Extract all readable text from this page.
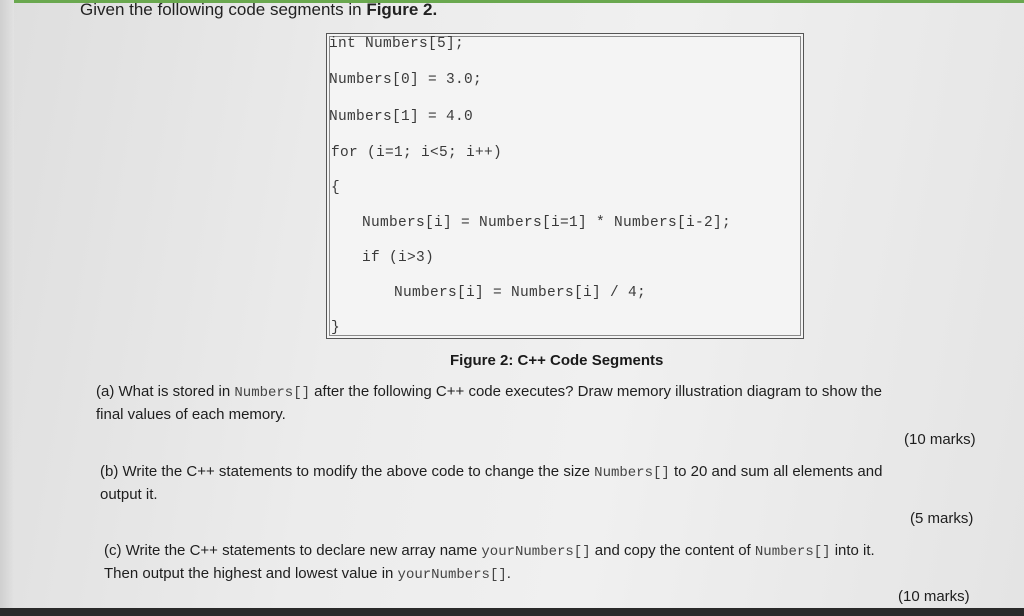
Given the following code segments in Figure 2.
int Numbers[5];
Numbers[0] = 3.0;
Numbers[1] = 4.0
for (i=1; i<5; i++)
{
Numbers[i] = Numbers[i=1] * Numbers[i-2];
if (i>3)
Numbers[i] = Numbers[i] / 4;
}
Figure 2: C++ Code Segments
(a) What is stored in Numbers[] after the following C++ code executes? Draw memory illustration diagram to show the
final values of each memory.
(10 marks)
(b) Write the C++ statements to modify the above code to change the size Numbers[] to 20 and sum all elements and
output it.
(5 marks)
(c) Write the C++ statements to declare new array name yourNumbers[] and copy the content of Numbers[] into it.
Then output the highest and lowest value in yourNumbers[].
(10 marks)
